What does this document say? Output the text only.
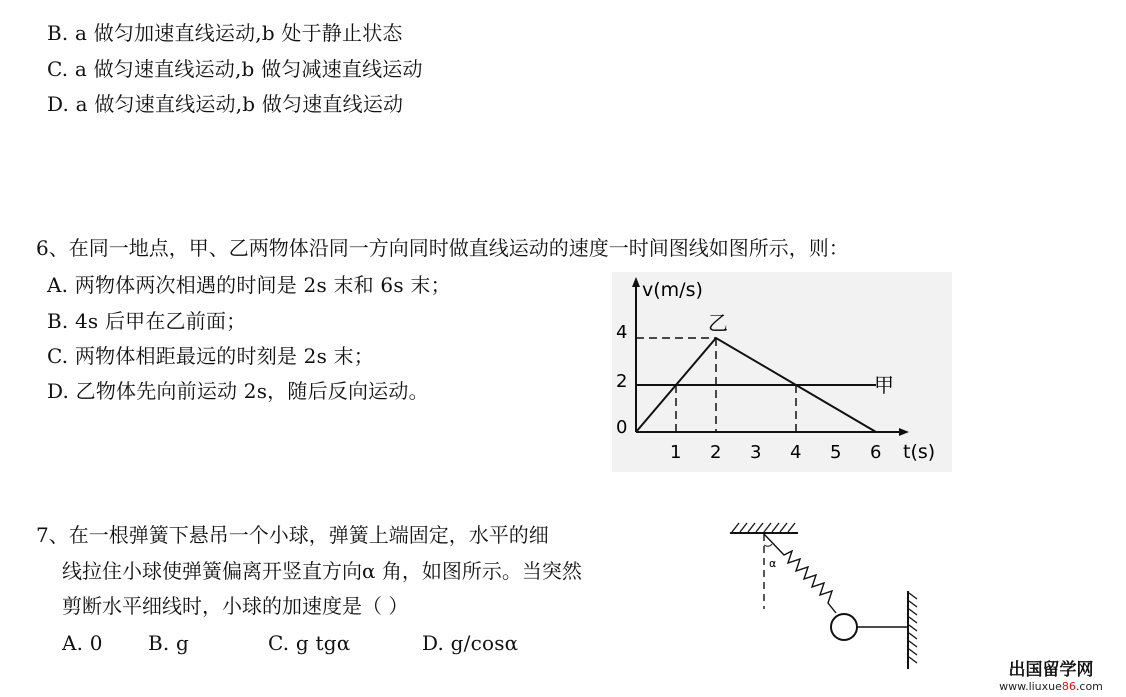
B. a 做匀加速直线运动,b 处于静止状态
C. a 做匀速直线运动,b 做匀减速直线运动
D. a 做匀速直线运动,b 做匀速直线运动
6、在同一地点，甲、乙两物体沿同一方向同时做直线运动的速度一时间图线如图所示，则：
A. 两物体两次相遇的时间是 2s 末和 6s 末；
B. 4s 后甲在乙前面；
C. 两物体相距最远的时刻是 2s 末；
D. 乙物体先向前运动 2s，随后反向运动。
v(m/s)
t(s)
4
2
0
1 2 3 4 5 6
乙
甲
7、在一根弹簧下悬吊一个小球，弹簧上端固定，水平的细
线拉住小球使弹簧偏离开竖直方向α 角，如图所示。当突然
剪断水平细线时，小球的加速度是（ ）
A. 0 B. g	C. g tgα	D. g/cosα
α
出国留学网
www.liuxue86.com
